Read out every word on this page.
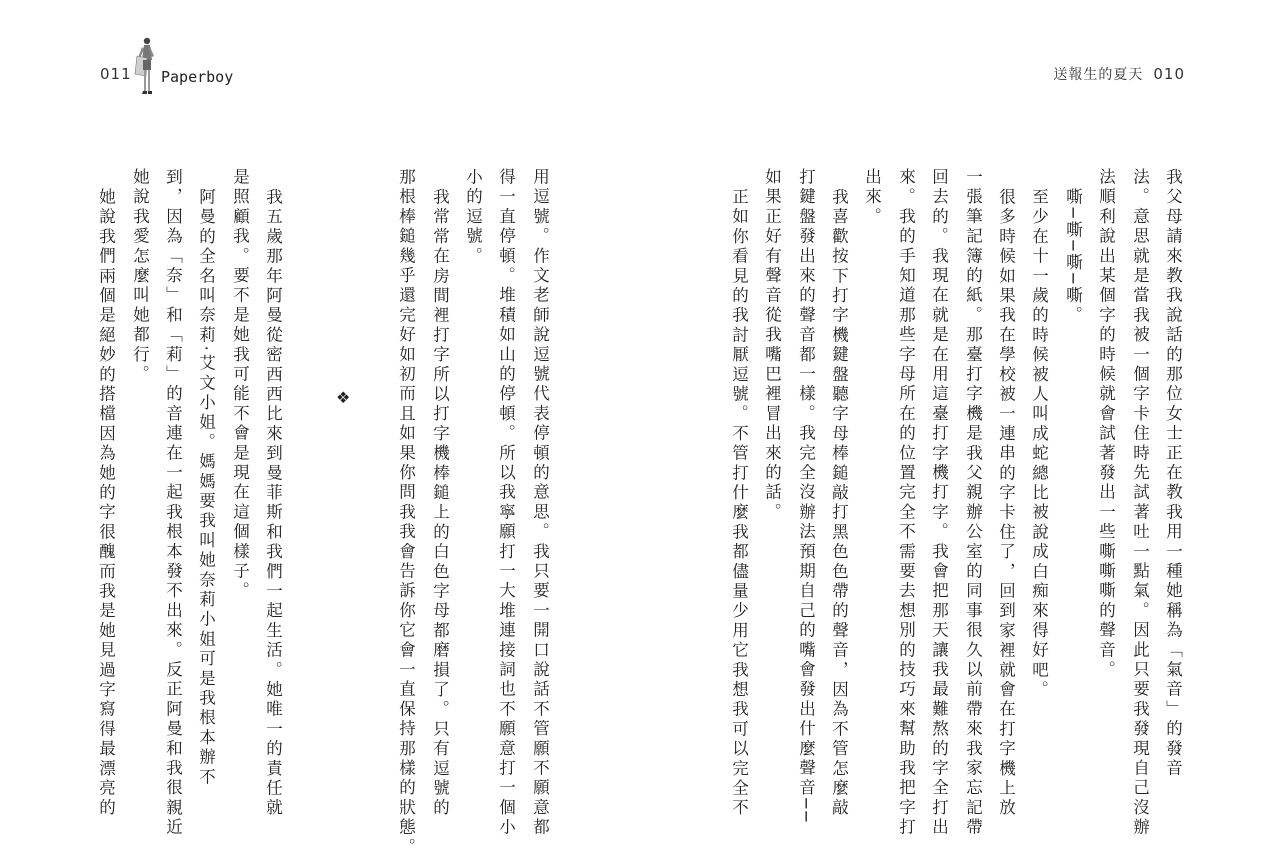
011 Paperboy	送報生的夏天 010
我父母請來教我說話的那位女士正在教我用一種她稱為「氣音」的發音
法。意思就是當我被一個字卡住時先試著吐一點氣。因此只要我發現自己沒辦
法順利說出某個字的時候就會試著發出一些嘶嘶嘶的聲音。
嘶─嘶─嘶─嘶。
至少在十一歲的時候被人叫成蛇總比被說成白痴來得好吧。
很多時候如果我在學校被一連串的字卡住了，回到家裡就會在打字機上放
一張筆記簿的紙。那臺打字機是我父親辦公室的同事很久以前帶來我家忘記帶
回去的。我現在就是在用這臺打字機打字。我會把那天讓我最難熬的字全打出
來。我的手知道那些字母所在的位置完全不需要去想別的技巧來幫助我把字打
出來。
我喜歡按下打字機鍵盤聽字母棒鎚敲打黑色色帶的聲音，因為不管怎麼敲
打鍵盤發出來的聲音都一樣。我完全沒辦法預期自己的嘴會發出什麼聲音──
如果正好有聲音從我嘴巴裡冒出來的話。
正如你看見的我討厭逗號。不管打什麼我都儘量少用它我想我可以完全不
用逗號。作文老師說逗號代表停頓的意思。我只要一開口說話不管願不願意都
得一直停頓。堆積如山的停頓。所以我寧願打一大堆連接詞也不願意打一個小
小的逗號。
我常常在房間裡打字所以打字機棒鎚上的白色字母都磨損了。只有逗號的
那根棒鎚幾乎還完好如初而且如果你問我我會告訴你它會一直保持那樣的狀態。
❖
我五歲那年阿曼從密西西比來到曼菲斯和我們一起生活。她唯一的責任就
是照顧我。要不是她我可能不會是現在這個樣子。
阿曼的全名叫奈莉‧艾文小姐。媽媽要我叫她奈莉小姐可是我根本辦不
到，因為「奈」和「莉」的音連在一起我根本發不出來。反正阿曼和我很親近
她說我愛怎麼叫她都行。
她說我們兩個是絕妙的搭檔因為她的字很醜而我是她見過字寫得最漂亮的
